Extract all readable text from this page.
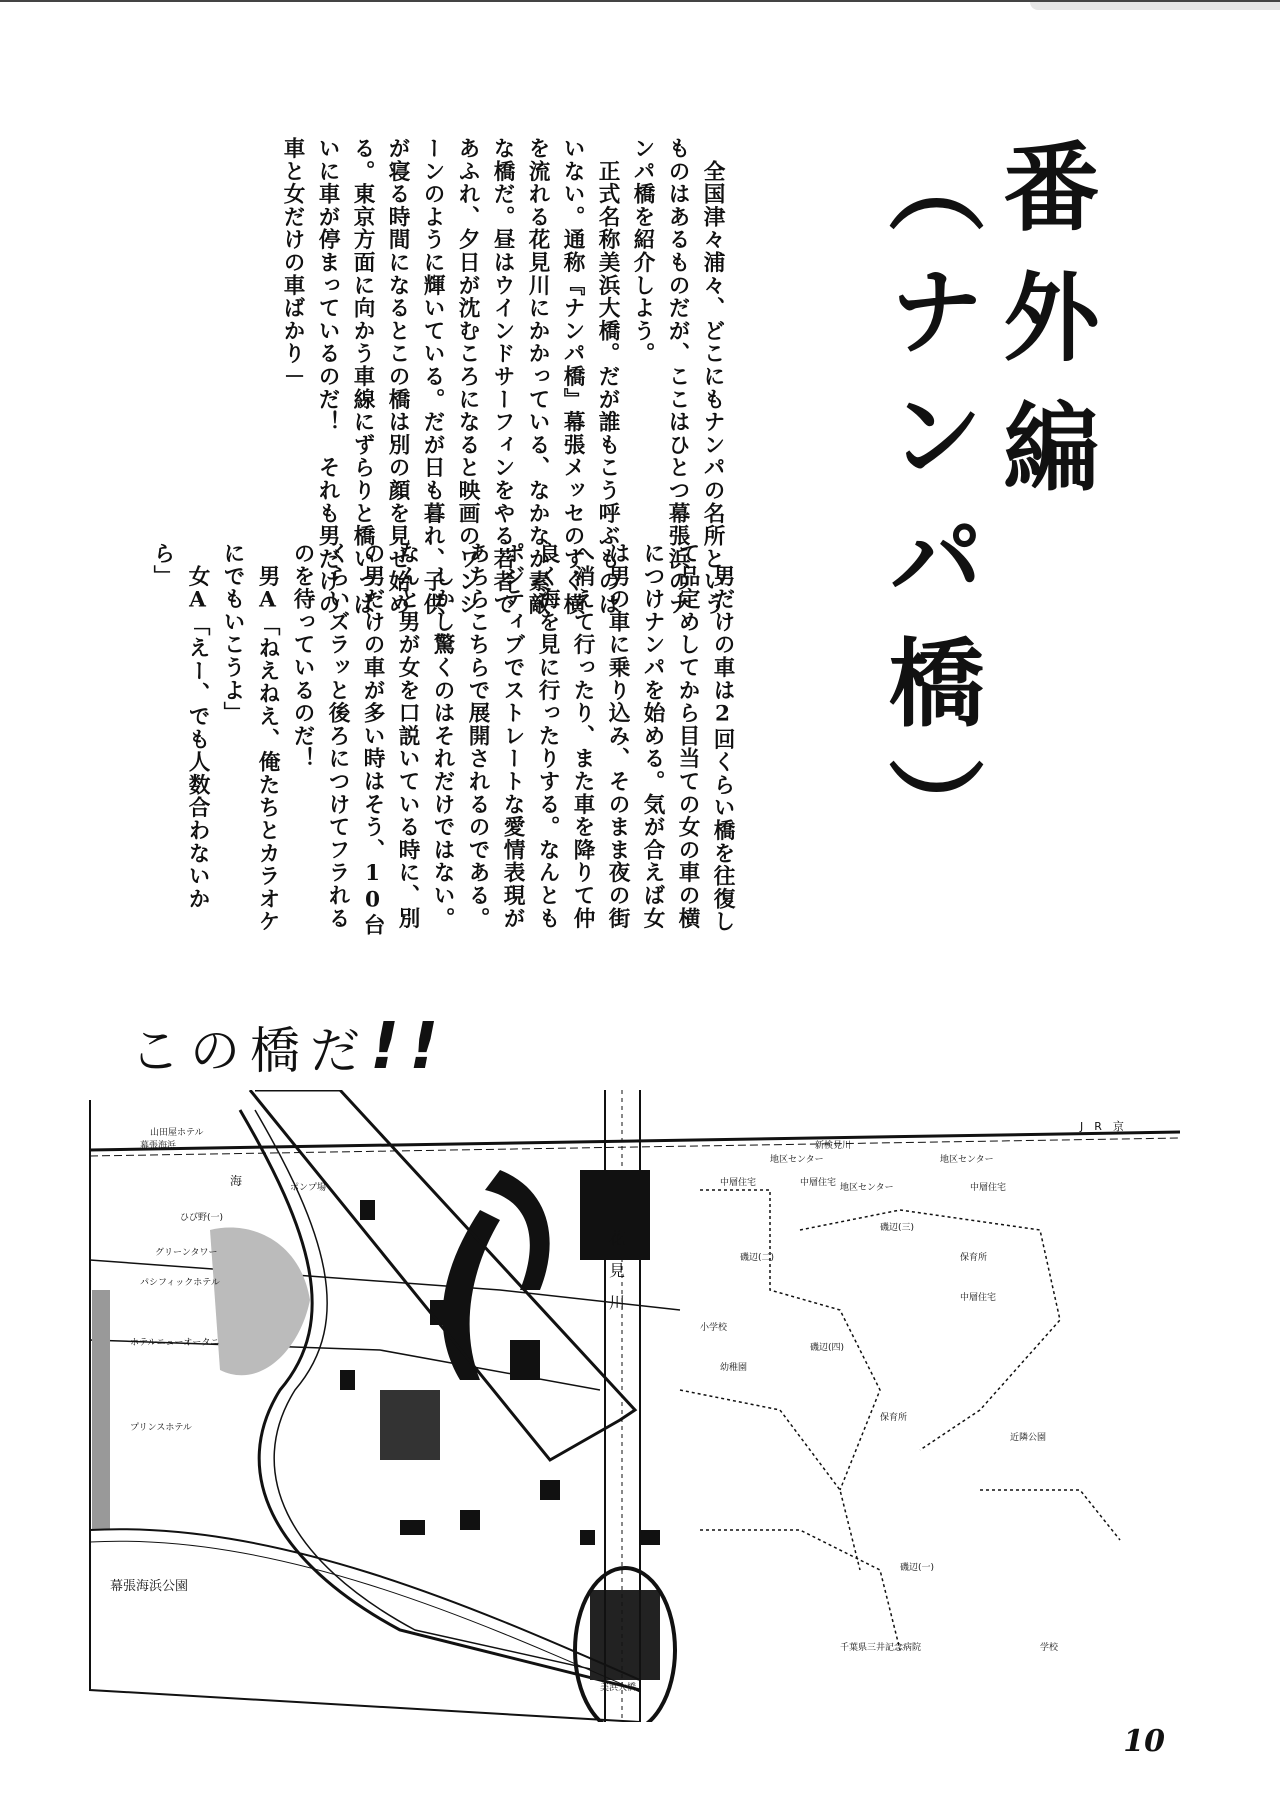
番外編
（ナンパ橋）
　全国津々浦々、どこにもナンパの名所というものはあるものだが、ここはひとつ幕張浜のナンパ橋を紹介しよう。
　正式名称美浜大橋。だが誰もこう呼ぶものはいない。通称『ナンパ橋』幕張メッセのすぐ横を流れる花見川にかかっている、なかなか素敵な橋だ。昼はウインドサーフィンをやる若者であふれ、夕日が沈むころになると映画のワンシーンのように輝いている。だが日も暮れ、子供が寝る時間になるとこの橋は別の顔を見せ始める。東京方面に向かう車線にずらりと橋いっぱいに車が停まっているのだ！　それも男だけの車と女だけの車ばかり－
　男だけの車は2回くらい橋を往復して品定めしてから目当ての女の車の横につけナンパを始める。気が合えば女は男の車に乗り込み、そのまま夜の街へ消えて行ったり、また車を降りて仲良く海を見に行ったりする。なんともポジティブでストレートな愛情表現があちらこちらで展開されるのである。
　しかし驚くのはそれだけではない。なんと男が女を口説いている時に、別の男だけの車が多い時はそう、10台くらいズラッと後ろにつけてフラれるのを待っているのだ！
　男A「ねえねえ、俺たちとカラオケにでもいこうよ」
　女A「えー、でも人数合わないから」
この橋だ!!
J　R　京
幕張海浜	新検見川
花　見　川
美浜大橋
地区センター	地区センター
地区センター
中層住宅	中層住宅	中層住宅
中層住宅
磯辺(四)
磯辺(三)
磯辺(二)
磯辺(一)
小学校
幼稚園
保育所
近隣公園
千葉県三井記念病院
保育所
学校
山田屋ホテル
海	ポンプ場
ひび野(一)
グリーンタワー
パシフィックホテル
ホテルニューオータニ
プリンスホテル
幕張海浜公園
10
